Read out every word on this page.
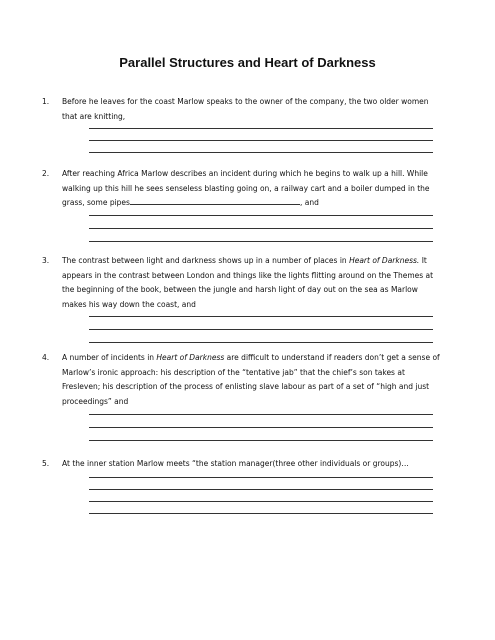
Parallel Structures and Heart of Darkness
1. Before he leaves for the coast Marlow speaks to the owner of the company, the two older women that are knitting,
2. After reaching Africa Marlow describes an incident during which he begins to walk up a hill. While walking up this hill he sees senseless blasting going on, a railway cart and a boiler dumped in the grass, some pipes	, and
3. The contrast between light and darkness shows up in a number of places in Heart of Darkness. It appears in the contrast between London and things like the lights flitting around on the Themes at the beginning of the book, between the jungle and harsh light of day out on the sea as Marlow makes his way down the coast, and
4. A number of incidents in Heart of Darkness are difficult to understand if readers don’t get a sense of Marlow’s ironic approach: his description of the “tentative jab” that the chief’s son takes at Fresleven; his description of the process of enlisting slave labour as part of a set of “high and just proceedings” and
5. At the inner station Marlow meets “the station manager(three other individuals or groups)…
